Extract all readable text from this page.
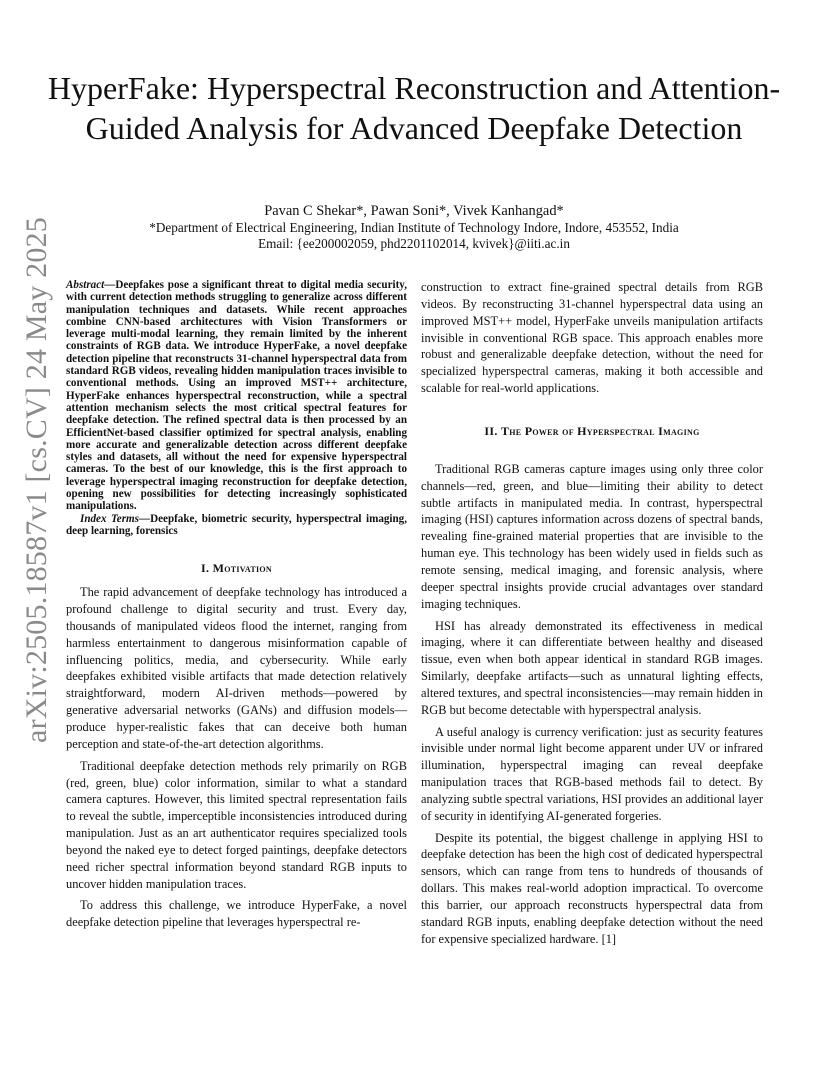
arXiv:2505.18587v1 [cs.CV] 24 May 2025
HyperFake: Hyperspectral Reconstruction and Attention-Guided Analysis for Advanced Deepfake Detection
Pavan C Shekar*, Pawan Soni*, Vivek Kanhangad*
*Department of Electrical Engineering, Indian Institute of Technology Indore, Indore, 453552, India
Email: {ee200002059, phd2201102014, kvivek}@iiti.ac.in

Abstract—Deepfakes pose a significant threat to digital media security, with current detection methods struggling to generalize across different manipulation techniques and datasets. While recent approaches combine CNN-based architectures with Vision Transformers or leverage multi-modal learning, they remain limited by the inherent constraints of RGB data. We introduce HyperFake, a novel deepfake detection pipeline that reconstructs 31-channel hyperspectral data from standard RGB videos, revealing hidden manipulation traces invisible to conventional methods. Using an improved MST++ architecture, HyperFake enhances hyperspectral reconstruction, while a spectral attention mechanism selects the most critical spectral features for deepfake detection. The refined spectral data is then processed by an EfficientNet-based classifier optimized for spectral analysis, enabling more accurate and generalizable detection across different deepfake styles and datasets, all without the need for expensive hyperspectral cameras. To the best of our knowledge, this is the first approach to leverage hyperspectral imaging reconstruction for deepfake detection, opening new possibilities for detecting increasingly sophisticated manipulations.

Index Terms—Deepfake, biometric security, hyperspectral imaging, deep learning, forensics

I. Motivation

The rapid advancement of deepfake technology has introduced a profound challenge to digital security and trust. Every day, thousands of manipulated videos flood the internet, ranging from harmless entertainment to dangerous misinformation capable of influencing politics, media, and cybersecurity. While early deepfakes exhibited visible artifacts that made detection relatively straightforward, modern AI-driven methods—powered by generative adversarial networks (GANs) and diffusion models—produce hyper-realistic fakes that can deceive both human perception and state-of-the-art detection algorithms.

Traditional deepfake detection methods rely primarily on RGB (red, green, blue) color information, similar to what a standard camera captures. However, this limited spectral representation fails to reveal the subtle, imperceptible inconsistencies introduced during manipulation. Just as an art authenticator requires specialized tools beyond the naked eye to detect forged paintings, deepfake detectors need richer spectral information beyond standard RGB inputs to uncover hidden manipulation traces.

To address this challenge, we introduce HyperFake, a novel deepfake detection pipeline that leverages hyperspectral re-

construction to extract fine-grained spectral details from RGB videos. By reconstructing 31-channel hyperspectral data using an improved MST++ model, HyperFake unveils manipulation artifacts invisible in conventional RGB space. This approach enables more robust and generalizable deepfake detection, without the need for specialized hyperspectral cameras, making it both accessible and scalable for real-world applications.

II. The Power of Hyperspectral Imaging

Traditional RGB cameras capture images using only three color channels—red, green, and blue—limiting their ability to detect subtle artifacts in manipulated media. In contrast, hyperspectral imaging (HSI) captures information across dozens of spectral bands, revealing fine-grained material properties that are invisible to the human eye. This technology has been widely used in fields such as remote sensing, medical imaging, and forensic analysis, where deeper spectral insights provide crucial advantages over standard imaging techniques.

HSI has already demonstrated its effectiveness in medical imaging, where it can differentiate between healthy and diseased tissue, even when both appear identical in standard RGB images. Similarly, deepfake artifacts—such as unnatural lighting effects, altered textures, and spectral inconsistencies—may remain hidden in RGB but become detectable with hyperspectral analysis.

A useful analogy is currency verification: just as security features invisible under normal light become apparent under UV or infrared illumination, hyperspectral imaging can reveal deepfake manipulation traces that RGB-based methods fail to detect. By analyzing subtle spectral variations, HSI provides an additional layer of security in identifying AI-generated forgeries.

Despite its potential, the biggest challenge in applying HSI to deepfake detection has been the high cost of dedicated hyperspectral sensors, which can range from tens to hundreds of thousands of dollars. This makes real-world adoption impractical. To overcome this barrier, our approach reconstructs hyperspectral data from standard RGB inputs, enabling deepfake detection without the need for expensive specialized hardware. [1]
